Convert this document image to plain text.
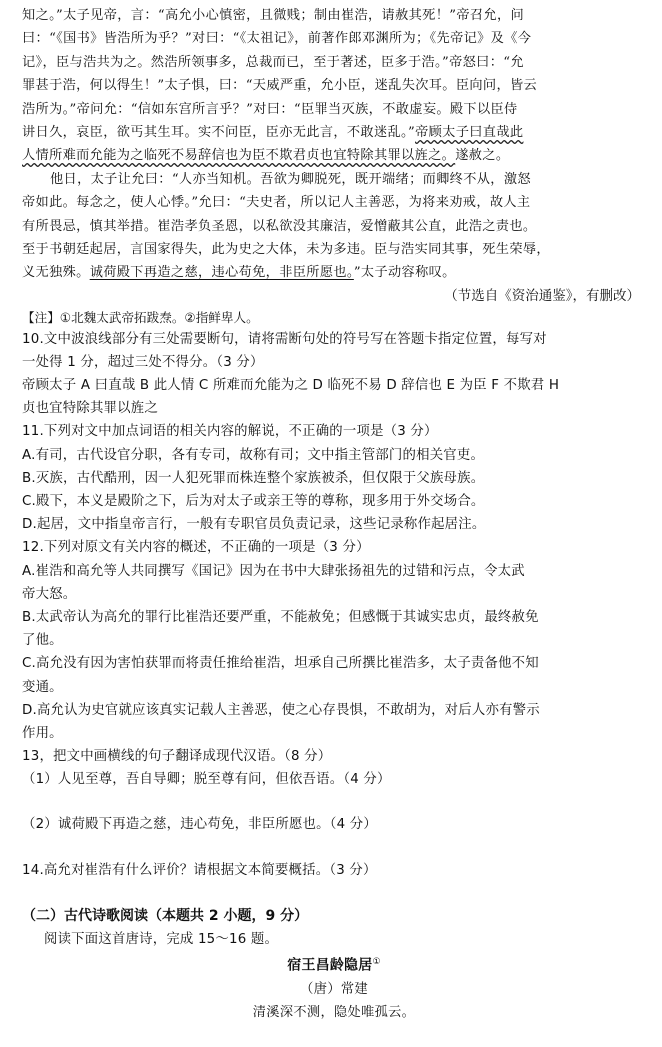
知之。”太子见帝，言：“高允小心慎密，且微贱；制由崔浩，请赦其死！”帝召允，问
曰：“《国书》皆浩所为乎？”对曰：“《太祖记》，前著作郎邓渊所为；《先帝记》及《今
记》，臣与浩共为之。然浩所领事多，总裁而已，至于著述，臣多于浩。”帝怒曰：“允
罪甚于浩，何以得生！”太子惧，曰：“天威严重，允小臣，迷乱失次耳。臣向问，皆云
浩所为。”帝问允：“信如东宫所言乎？”对曰：“臣罪当灭族，不敢虚妄。殿下以臣侍
讲日久，哀臣，欲丐其生耳。实不问臣，臣亦无此言，不敢迷乱。”帝顾太子曰直哉此
人情所难而允能为之临死不易辞信也为臣不欺君贞也宜特除其罪以旌之。遂赦之。
他日，太子让允曰：“人亦当知机。吾欲为卿脱死，既开端绪；而卿终不从，激怒
帝如此。每念之，使人心悸。”允曰：“夫史者，所以记人主善恶，为将来劝戒，故人主
有所畏忌，慎其举措。崔浩孝负圣恩，以私欲没其廉洁，爱憎蔽其公直，此浩之责也。
至于书朝廷起居，言国家得失，此为史之大体，未为多违。臣与浩实同其事，死生荣辱，
义无独殊。诚荷殿下再造之慈，违心苟免，非臣所愿也。”太子动容称叹。
（节选自《资治通鉴》，有删改）
【注】①北魏太武帝拓跋焘。②指鲜卑人。
10.文中波浪线部分有三处需要断句，请将需断句处的符号写在答题卡指定位置，每写对
一处得 1 分，超过三处不得分。（3 分）
帝顾太子 A 曰直哉 B 此人情 C 所难而允能为之 D 临死不易 D 辞信也 E 为臣 F 不欺君 H
贞也宜特除其罪以旌之
11.下列对文中加点词语的相关内容的解说，不正确的一项是（3 分）
A.有司，古代设官分职，各有专司，故称有司；文中指主管部门的相关官吏。
B.灭族，古代酷刑，因一人犯死罪而株连整个家族被杀，但仅限于父族母族。
C.殿下，本义是殿阶之下，后为对太子或亲王等的尊称，现多用于外交场合。
D.起居，文中指皇帝言行，一般有专职官员负责记录，这些记录称作起居注。
12.下列对原文有关内容的概述，不正确的一项是（3 分）
A.崔浩和高允等人共同撰写《国记》因为在书中大肆张扬祖先的过错和污点，令太武
帝大怒。
B.太武帝认为高允的罪行比崔浩还要严重，不能赦免；但感慨于其诚实忠贞，最终赦免
了他。
C.高允没有因为害怕获罪而将责任推给崔浩，坦承自己所撰比崔浩多，太子责备他不知
变通。
D.高允认为史官就应该真实记载人主善恶，使之心存畏惧，不敢胡为，对后人亦有警示
作用。
13，把文中画横线的句子翻译成现代汉语。（8 分）
（1）人见至尊，吾自导卿；脱至尊有问，但依吾语。（4 分）
（2）诚荷殿下再造之慈，违心苟免，非臣所愿也。（4 分）
14.高允对崔浩有什么评价？请根据文本简要概括。（3 分）
（二）古代诗歌阅读（本题共 2 小题，9 分）
阅读下面这首唐诗，完成 15～16 题。
宿王昌龄隐居①
（唐）常建
清溪深不测，隐处唯孤云。
